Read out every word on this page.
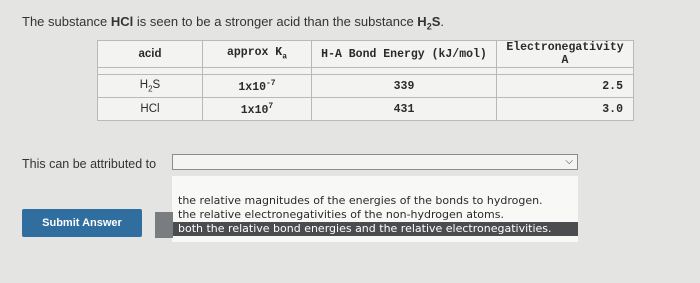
The substance HCl is seen to be a stronger acid than the substance $H_2S$.
acid	approx $K_a$	H-A Bond Energy (kJ/mol)	Electronegativity A

$H_2S$	$1x10^{-7}$	339	2.5
HCl	$1x10^7$	431	3.0
This can be attributed to	⌵
the relative magnitudes of the energies of the bonds to hydrogen.
the relative electronegativities of the non-hydrogen atoms.
both the relative bond energies and the relative electronegativities.
Submit Answer
